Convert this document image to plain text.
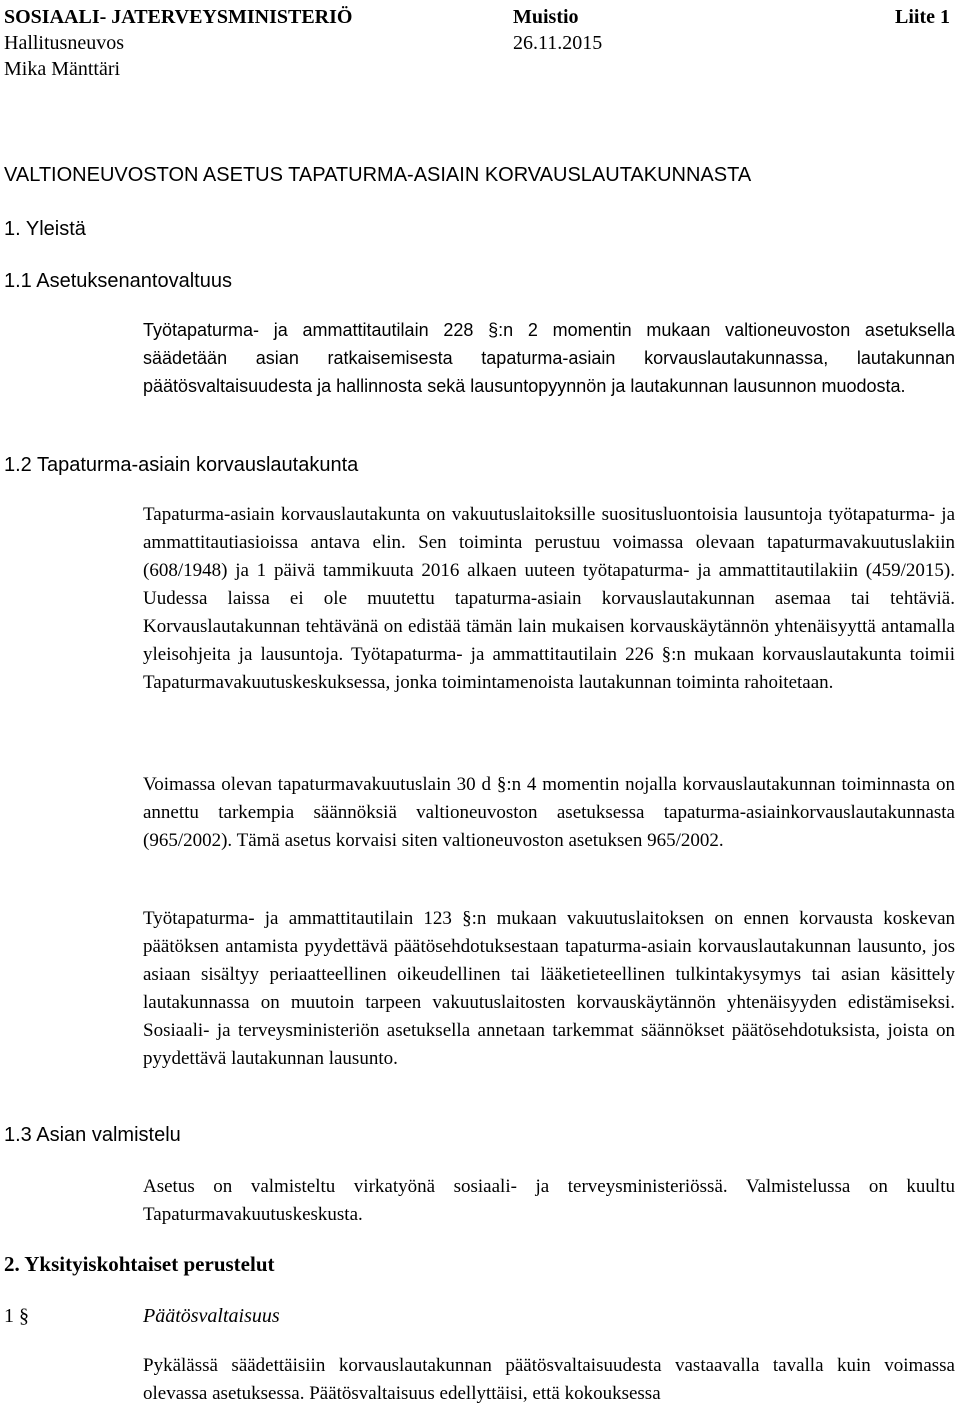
SOSIAALI- JATERVEYSMINISTERIÖ
Hallitusneuvos
Mika Mänttäri
Muistio
26.11.2015
Liite 1
VALTIONEUVOSTON ASETUS TAPATURMA-ASIAIN KORVAUSLAUTAKUNNASTA
1. Yleistä
1.1 Asetuksenantovaltuus
Työtapaturma- ja ammattitautilain 228 §:n 2 momentin mukaan valtioneuvoston asetuksella säädetään asian ratkaisemisesta tapaturma-asiain korvauslautakunnassa, lautakunnan päätösvaltaisuudesta ja hallinnosta sekä lausuntopyynnön ja lautakunnan lausunnon muodosta.
1.2 Tapaturma-asiain korvauslautakunta
Tapaturma-asiain korvauslautakunta on vakuutuslaitoksille suositusluontoisia lausuntoja työtapaturma- ja ammattitautiasioissa antava elin. Sen toiminta perustuu voimassa olevaan tapaturmavakuutuslakiin (608/1948) ja 1 päivä tammikuuta 2016 alkaen uuteen työtapaturma- ja ammattitautilakiin (459/2015). Uudessa laissa ei ole muutettu tapaturma-asiain korvauslautakunnan asemaa tai tehtäviä. Korvauslautakunnan tehtävänä on edistää tämän lain mukaisen korvauskäytännön yhtenäisyyttä antamalla yleisohjeita ja lausuntoja. Työtapaturma- ja ammattitautilain 226 §:n mukaan korvauslautakunta toimii Tapaturmavakuutuskeskuksessa, jonka toimintamenoista lautakunnan toiminta rahoitetaan.
Voimassa olevan tapaturmavakuutuslain 30 d §:n 4 momentin nojalla korvauslautakunnan toiminnasta on annettu tarkempia säännöksiä valtioneuvoston asetuksessa tapaturma-asiainkorvauslautakunnasta (965/2002). Tämä asetus korvaisi siten valtioneuvoston asetuksen 965/2002.
Työtapaturma- ja ammattitautilain 123 §:n mukaan vakuutuslaitoksen on ennen korvausta koskevan päätöksen antamista pyydettävä päätösehdotuksestaan tapaturma-asiain korvauslautakunnan lausunto, jos asiaan sisältyy periaatteellinen oikeudellinen tai lääketieteellinen tulkintakysymys tai asian käsittely lautakunnassa on muutoin tarpeen vakuutuslaitosten korvauskäytännön yhtenäisyyden edistämiseksi. Sosiaali- ja terveysministeriön asetuksella annetaan tarkemmat säännökset päätösehdotuksista, joista on pyydettävä lautakunnan lausunto.
1.3 Asian valmistelu
Asetus on valmisteltu virkatyönä sosiaali- ja terveysministeriössä. Valmistelussa on kuultu Tapaturmavakuutuskeskusta.
2. Yksityiskohtaiset perustelut
1 §	Päätösvaltaisuus
Pykälässä säädettäisiin korvauslautakunnan päätösvaltaisuudesta vastaavalla tavalla kuin voimassa olevassa asetuksessa. Päätösvaltaisuus edellyttäisi, että kokouksessa
